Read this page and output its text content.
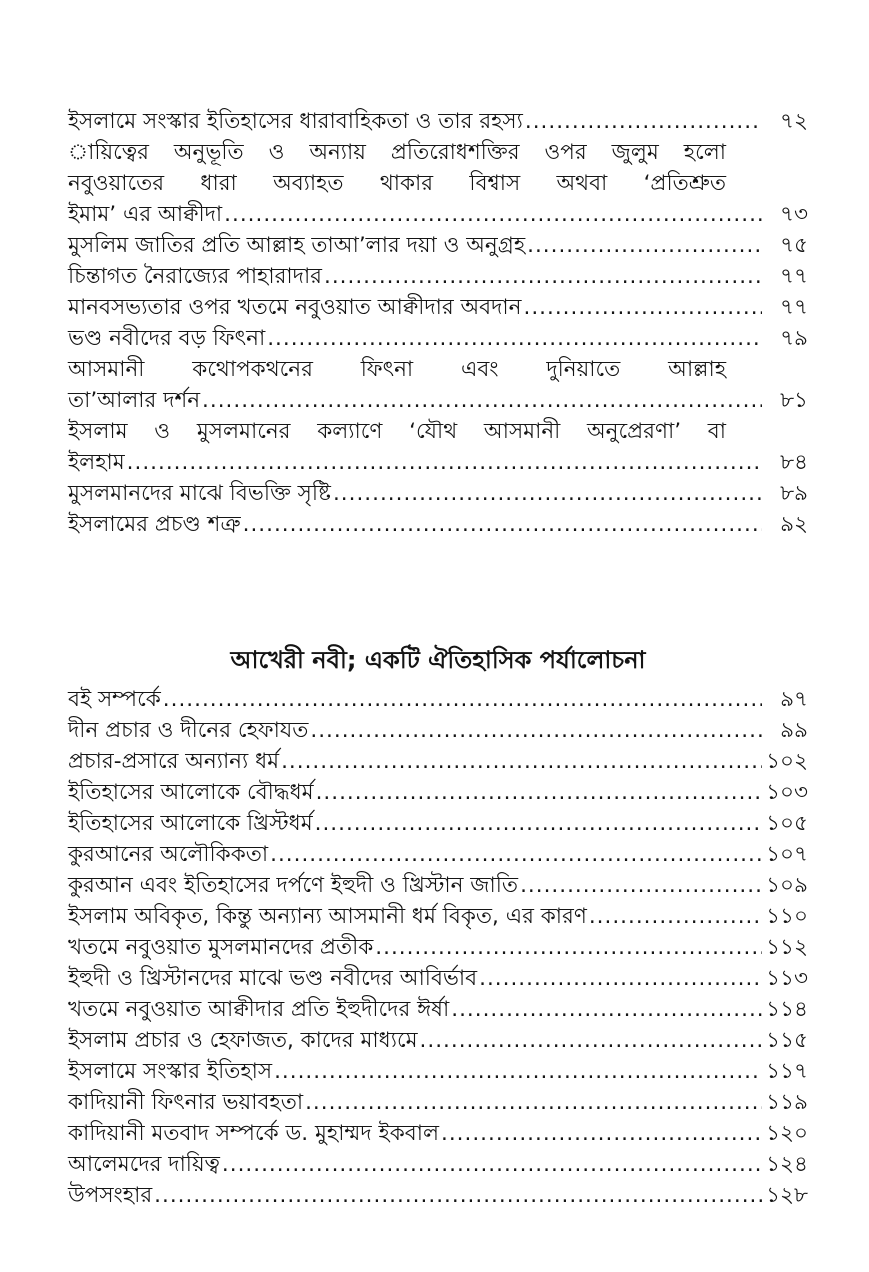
ইসলামে সংস্কার ইতিহাসের ধারাবাহিকতা ও তার রহস্য .....	৭২
ায়িত্বের অনুভূতি ও অন্যায় প্রতিরোধশক্তির ওপর জুলুম হলো
নবুওয়াতের ধারা অব্যাহত থাকার বিশ্বাস অথবা ‘প্রতিশ্রুত
ইমাম’ এর আক্বীদা .....	৭৩
মুসলিম জাতির প্রতি আল্লাহ তাআ’লার দয়া ও অনুগ্রহ .....	৭৫
চিন্তাগত নৈরাজ্যের পাহারাদার .....	৭৭
মানবসভ্যতার ওপর খতমে নবুওয়াত আক্বীদার অবদান .....	৭৭
ভণ্ড নবীদের বড় ফিৎনা .....	৭৯
আসমানী কথোপকথনের ফিৎনা এবং দুনিয়াতে আল্লাহ
তা’আলার দর্শন .....	৮১
ইসলাম ও মুসলমানের কল্যাণে ‘যৌথ আসমানী অনুপ্রেরণা’ বা
ইলহাম .....	৮৪
মুসলমানদের মাঝে বিভক্তি সৃষ্টি .....	৮৯
ইসলামের প্রচণ্ড শত্রু .....	৯২
আখেরী নবী; একটি ঐতিহাসিক পর্যালোচনা
বই সম্পর্কে .....	৯৭
দীন প্রচার ও দীনের হেফাযত .....	৯৯
প্রচার-প্রসারে অন্যান্য ধর্ম .....	১০২
ইতিহাসের আলোকে বৌদ্ধধর্ম .....	১০৩
ইতিহাসের আলোকে খ্রিস্টধর্ম .....	১০৫
কুরআনের অলৌকিকতা .....	১০৭
কুরআন এবং ইতিহাসের দর্পণে ইহুদী ও খ্রিস্টান জাতি .....	১০৯
ইসলাম অবিকৃত, কিন্তু অন্যান্য আসমানী ধর্ম বিকৃত, এর কারণ .....	১১০
খতমে নবুওয়াত মুসলমানদের প্রতীক .....	১১২
ইহুদী ও খ্রিস্টানদের মাঝে ভণ্ড নবীদের আবির্ভাব .....	১১৩
খতমে নবুওয়াত আক্বীদার প্রতি ইহুদীদের ঈর্ষা .....	১১৪
ইসলাম প্রচার ও হেফাজত, কাদের মাধ্যমে .....	১১৫
ইসলামে সংস্কার ইতিহাস .....	১১৭
কাদিয়ানী ফিৎনার ভয়াবহতা .....	১১৯
কাদিয়ানী মতবাদ সম্পর্কে ড. মুহাম্মদ ইকবাল .....	১২০
আলেমদের দায়িত্ব .....	১২৪
উপসংহার .....	১২৮
